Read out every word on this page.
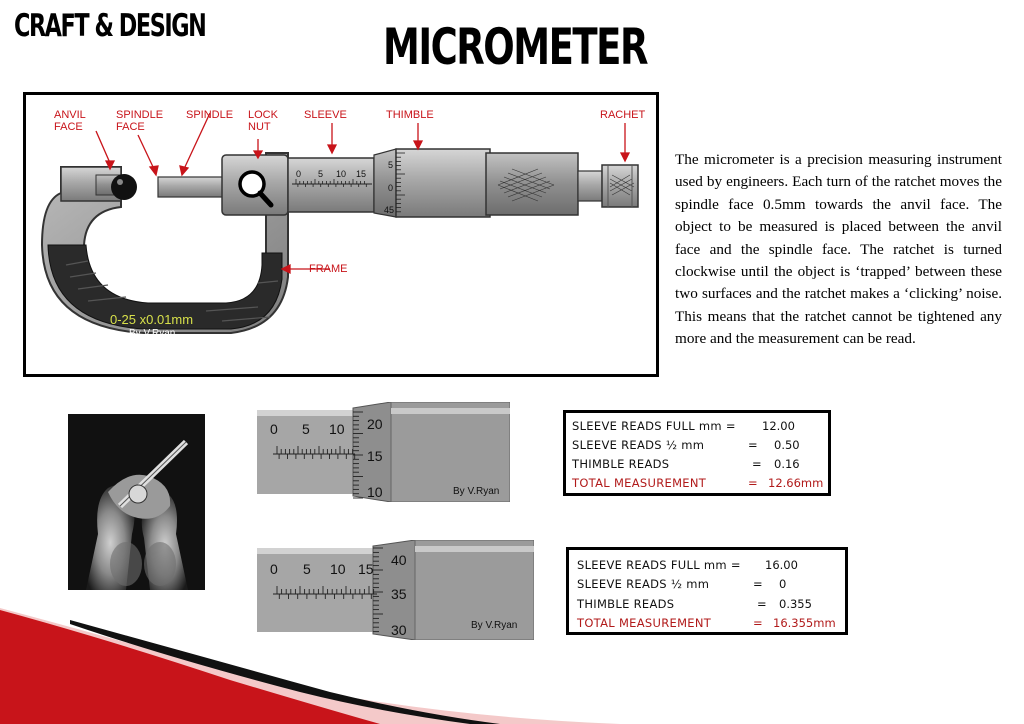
CRAFT & DESIGN	MICROMETER
ANVIL
FACE
SPINDLE
FACE
SPINDLE LOCK
NUT
SLEEVE	THIMBLE	RACHET
FRAME
0-25 x0.01mm
By V.Ryan
0 5 10 15
5
0
45
The micrometer is a precision measuring instrument used by engineers. Each turn of the ratchet moves the spindle face 0.5mm towards the anvil face. The object to be measured is placed between the anvil face and the spindle face. The ratchet is turned clockwise until the object is ‘trapped’ between these two surfaces and the ratchet makes a ‘clicking’ noise. This means that the ratchet cannot be tightened any more and the measurement can be read.
0 5 10 20
15
10	By V.Ryan
SLEEVE READS FULL mm = 12.00
SLEEVE READS ½ mm	= 0.50
THIMBLE READS	= 0.16
TOTAL MEASUREMENT	= 12.66mm
0 5 10 15
40
35
30	By V.Ryan
SLEEVE READS FULL mm = 16.00
SLEEVE READS ½ mm	= 0
THIMBLE READS	= 0.355
TOTAL MEASUREMENT	= 16.355mm
